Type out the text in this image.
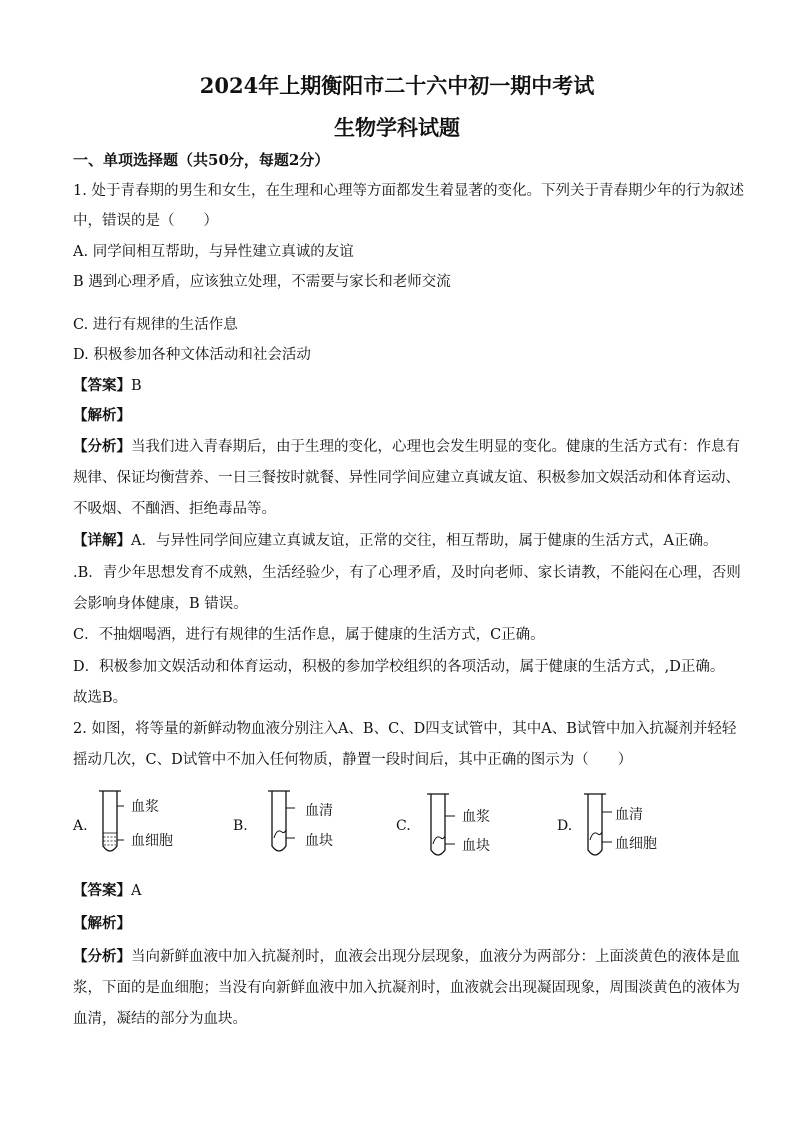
2024年上期衡阳市二十六中初一期中考试
生物学科试题
一、单项选择题（共50分，每题2分）
1. 处于青春期的男生和女生，在生理和心理等方面都发生着显著的变化。下列关于青春期少年的行为叙述
中，错误的是（　　）
A. 同学间相互帮助，与异性建立真诚的友谊
B 遇到心理矛盾，应该独立处理，不需要与家长和老师交流
C. 进行有规律的生活作息
D. 积极参加各种文体活动和社会活动
【答案】B
【解析】
【分析】当我们进入青春期后，由于生理的变化，心理也会发生明显的变化。健康的生活方式有：作息有
规律、保证均衡营养、一日三餐按时就餐、异性同学间应建立真诚友谊、积极参加文娱活动和体育运动、
不吸烟、不酗酒、拒绝毒品等。
【详解】A．与异性同学间应建立真诚友谊，正常的交往，相互帮助，属于健康的生活方式，A正确。
.B．青少年思想发育不成熟，生活经验少，有了心理矛盾，及时向老师、家长请教，不能闷在心理，否则
会影响身体健康，B 错误。
C．不抽烟喝酒，进行有规律的生活作息，属于健康的生活方式，C正确。
D．积极参加文娱活动和体育运动，积极的参加学校组织的各项活动，属于健康的生活方式，,D正确。
故选B。
2. 如图，将等量的新鲜动物血液分别注入A、B、C、D四支试管中，其中A、B试管中加入抗凝剂并轻轻
摇动几次，C、D试管中不加入任何物质，静置一段时间后，其中正确的图示为（　　）
A.
血浆
血细胞
B.
血清
血块
C.
血浆
血块
D.
血清
血细胞
【答案】A
【解析】
【分析】当向新鲜血液中加入抗凝剂时，血液会出现分层现象，血液分为两部分：上面淡黄色的液体是血
浆，下面的是血细胞；当没有向新鲜血液中加入抗凝剂时，血液就会出现凝固现象，周围淡黄色的液体为
血清，凝结的部分为血块。
